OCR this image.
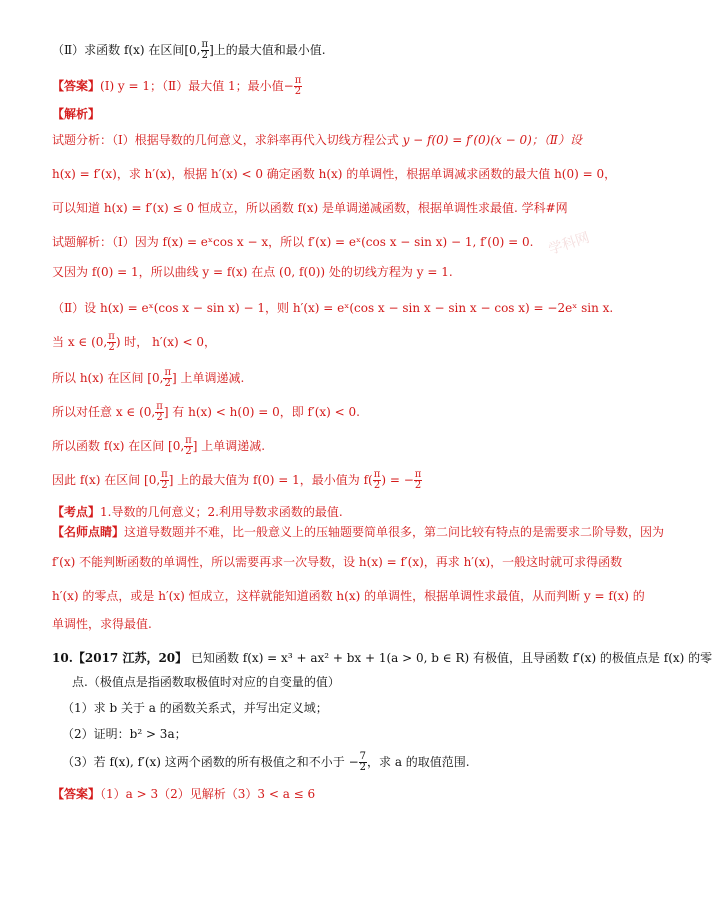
（Ⅱ）求函数 f(x) 在区间[0, $\frac{\pi}{2}$ ]上的最大值和最小值.
【答案】(Ⅰ) y = 1；（Ⅱ）最大值 1；最小值− $\frac{\pi}{2}$
【解析】
试题分析：（Ⅰ）根据导数的几何意义，求斜率再代入切线方程公式 y − f(0) = f′(0)(x − 0)；（Ⅱ）设
h(x) = f′(x)，求 h′(x)，根据 h′(x) < 0 确定函数 h(x) 的单调性，根据单调减求函数的最大值 h(0) = 0，
可以知道 h(x) = f′(x) ≤ 0 恒成立，所以函数 f(x) 是单调递减函数，根据单调性求最值. 学科#网
试题解析：（Ⅰ）因为 f(x) = eˣcos x − x，所以 f′(x) = eˣ(cos x − sin x) − 1, f′(0) = 0.
又因为 f(0) = 1，所以曲线 y = f(x) 在点 (0, f(0)) 处的切线方程为 y = 1.
学科网
（Ⅱ）设 h(x) = eˣ(cos x − sin x) − 1，则 h′(x) = eˣ(cos x − sin x − sin x − cos x) = −2eˣ sin x.
当 x ∈ (0, $\frac{\pi}{2}$ ) 时， h′(x) < 0，
所以 h(x) 在区间 [0, $\frac{\pi}{2}$ ] 上单调递减.
所以对任意 x ∈ (0, $\frac{\pi}{2}$ ] 有 h(x) < h(0) = 0，即 f′(x) < 0.
所以函数 f(x) 在区间 [0, $\frac{\pi}{2}$ ] 上单调递减.
因此 f(x) 在区间 [0, $\frac{\pi}{2}$ ] 上的最大值为 f(0) = 1，最小值为 $f( \frac{\pi}{2}$ ) = − $\frac{\pi}{2}$
【考点】1.导数的几何意义；2.利用导数求函数的最值.
【名师点睛】这道导数题并不难，比一般意义上的压轴题要简单很多，第二问比较有特点的是需要求二阶导数，因为
f′(x) 不能判断函数的单调性，所以需要再求一次导数，设 h(x) = f′(x)，再求 h′(x)，一般这时就可求得函数
h′(x) 的零点，或是 h′(x) 恒成立，这样就能知道函数 h(x) 的单调性，根据单调性求最值，从而判断 y = f(x) 的
单调性，求得最值.
10.【2017 江苏，20】 已知函数 f(x) = x³ + ax² + bx + 1(a > 0, b ∈ R) 有极值，且导函数 f′(x) 的极值点是 f(x) 的零
点.（极值点是指函数取极值时对应的自变量的值）
（1）求 b 关于 a 的函数关系式，并写出定义域；
（2）证明：b² > 3a；
（3）若 f(x), f′(x) 这两个函数的所有极值之和不小于 − $\frac{7}{2}$ ，求 a 的取值范围.
【答案】（1）a > 3（2）见解析（3）3 < a ≤ 6
